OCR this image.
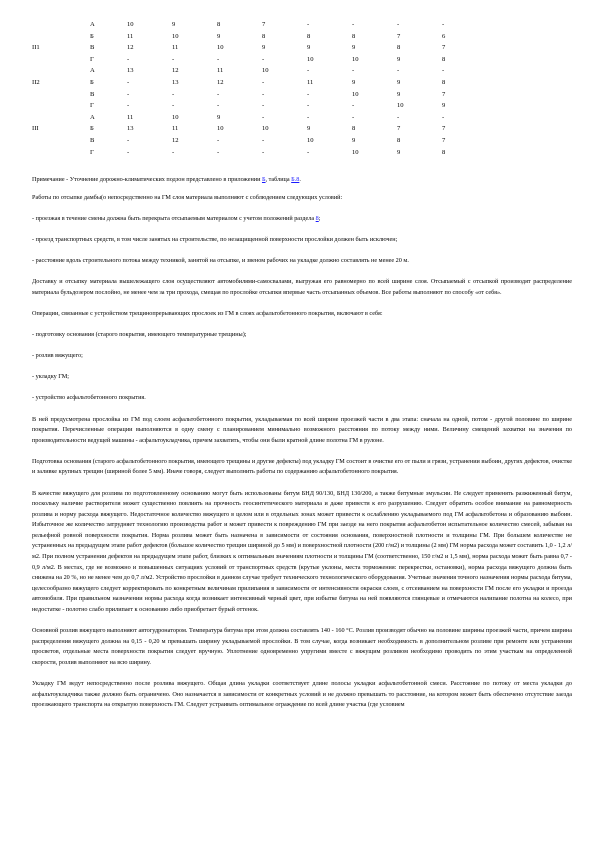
	А	10	9	8	7	-	-	-	-
	Б	11	10	9	8	8	8	7	6
II1	В	12	11	10	9	9	9	8	7
	Г	-	-	-	-	10	10	9	8
	А	13	12	11	10	-	-	-	-
II2	Б	-	13	12	-	11	9	9	8
	В	-	-	-	-	-	10	9	7
	Г	-	-	-	-	-	-	10	9
	А	11	10	9	-	-	-	-	-
III	Б	13	11	10	10	9	8	7	7
	В	-	12	-	-	10	9	8	7
	Г	-	-	-	-	-	10	9	8
Примечание - Уточнение дорожно-климатических подзон представлено в приложении Б, таблица Б.8.

Работы по отсыпке дамбы(о непосредственно на ГМ слоя материала выполняют с соблюдением следующих условий:

- проезжая в течение смены должна быть перекрыта отсыпаемым материалом с учетом положений раздела 8;

- проезд транспортных средств, в том числе занятых на строительстве, по незащищенной поверхности прослойки должен быть исключен;

- расстояние вдоль строительного потока между техникой, занятой на отсыпке, и звеном рабочих на укладке должно составлять не менее 20 м.

Доставку и отсыпку материала вышележащего слоя осуществляют автомобилями-самосвалами, выгружая его равномерно по всей ширине слоя. Отсыпаемый с отсыпкой производят распределение материала бульдозером послойно, не менее чем за три прохода, смещая по прослойке отсыпки впервые часть отсыпанных объемов. Все работы выполняют по способу «от себя».

Операции, связанные с устройством трещинопрерывающих прослоек из ГМ в слоях асфальтобетонного покрытия, включают в себя:

- подготовку основания (старого покрытия, имеющего температурные трещины);

- розлив вяжущего;

- укладку ГМ;

- устройство асфальтобетонного покрытия.

В ней предусмотрена прослойка из ГМ под слоем асфальтобетонного покрытия, укладываемая по всей ширине проезжей части в два этапа: сначала на одной, потом - другой половине по ширине покрытия. Перечисленные операции выполняются в одну смену с планированием минимально возможного расстояния по потоку между ними. Величину смещений захватки на значения по производительности ведущей машины - асфальтоукладчика, причем захватить, чтобы они были кратной длине полотна ГМ в рулоне.

Подготовка основания (старого асфальтобетонного покрытия, имеющего трещины и другие дефекты) под укладку ГМ состоит в очистке его от пыли и грязи, устранении выбоин, других дефектов, очистке и заливке крупных трещин (шириной более 5 мм). Иначе говоря, следует выполнить работы по содержанию асфальтобетонного покрытия.

В качестве вяжущего для розлива по подготовленному основанию могут быть использованы битум БНД 90/130, БНД 130/200, а также битумные эмульсии. Не следует применять разжиженный битум, поскольку наличие растворителя может существенно повлиять на прочность геосинтетического материала и даже привести к его разрушению. Следует обратить особое внимание на равномерность розлива и норму расхода вяжущего. Недостаточное количество вяжущего в целом или в отдельных зонах может привести к ослаблению укладываемого под ГМ асфальтобетона и образованию выбоин. Избыточное же количество затрудняет технологию производства работ и может привести к повреждению ГМ при заезде на него покрытия асфальтобетон испытательное количество смесей, забывая на рельефной ровной поверхности покрытия. Норма розлива может быть назначена в зависимости от состояния основания, поверхностной плотности и толщины ГМ. При большем количестве не устраненных на предыдущем этапе работ дефектов (большое количество трещин шириной до 5 мм) и поверхностной плотности (200 г/м2) и толщины (2 мм) ГМ норма расхода может составить 1,0 - 1,2 л/м2. При полном устранении дефектов на предыдущем этапе работ, близких к оптимальным значениям плотности и толщины ГМ (соответственно, 150 г/м2 и 1,5 мм), норма расхода может быть равна 0,7 - 0,9 л/м2. В местах, где не возможно и повышенных ситуациях условий от транспортных средств (крутые уклоны, места торможения: перекрестки, остановки), норма расхода вяжущего должна быть снижена на 20 %, но не менее чем до 0,7 л/м2. Устройство прослойки в данном случае требует технического технологического оборудования. Учетные значения точного назначения нормы расхода битума, целесообразно вяжущего следует корректировать по конкретным величинам прилипания в зависимости от интенсивности окраски слоев, с отсеиванием на поверхности ГМ после его укладки и проезда автомобиля. При правильном назначении нормы расхода когда возникает интенсивный черный цвет, при избытке битума на ней появляются глянцевые и отмечаются налипание полотна на колесо, при недостатке - полотно слабо прилипает к основанию либо приобретает бурый оттенок.

Основной розлив вяжущего выполняют автогудронатором. Температура битума при этом должна составлять 140 - 160 °С. Розлив производят обычно на половине ширины проезжей части, причем ширина распределения вяжущего должна на 0,15 - 0,20 м превышать ширину укладываемой прослойки. В том случае, когда возникает необходимость в дополнительном розливе при ремонте или устранении просветов, отдельные места поверхности покрытия следует вручную. Уплотнение одновременно упругими вместе с вяжущим розливом необходимо проводить по этим участкам на определенной скорости, розлив выполняют на всю ширину.

Укладку ГМ ведут непосредственно после розлива вяжущего. Общая длина укладки соответствует длине полосы укладки асфальтобетонной смеси. Расстояние по потоку от места укладки до асфальтоукладчика также должно быть ограничено. Оно назначается в зависимости от конкретных условий и не должно превышать то расстояние, на котором может быть обеспечено отсутствие заезда проезжающего транспорта на открытую поверхность ГМ. Следует устраивать оптимальное ограждение по всей длине участка (где условием
